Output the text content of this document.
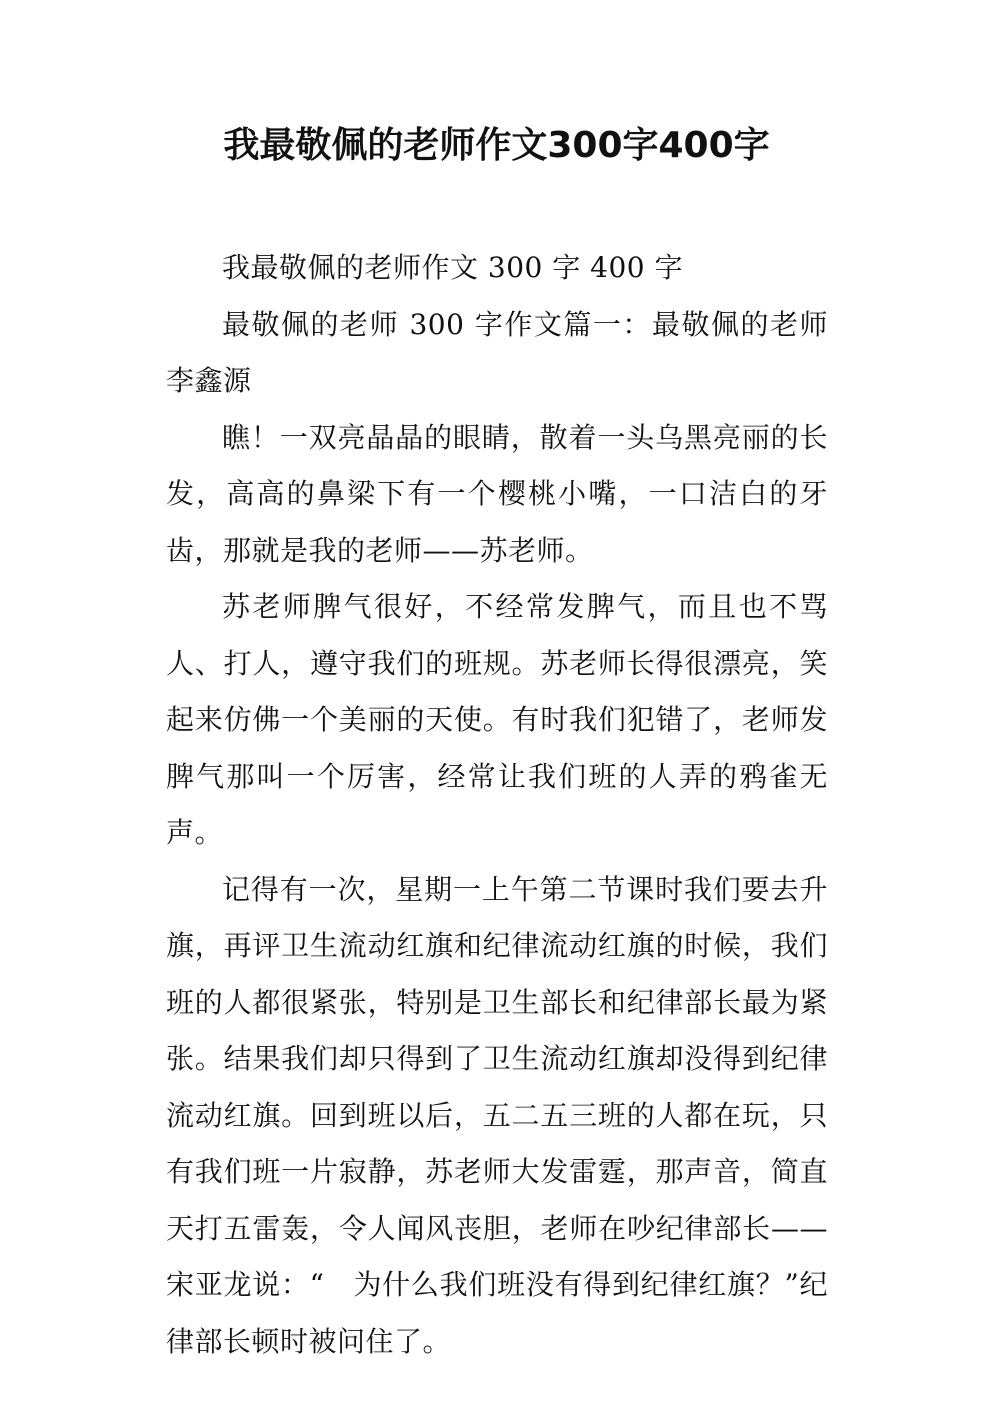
我最敬佩的老师作文300字400字

我最敬佩的老师作文 300 字 400 字

最敬佩的老师 300 字作文篇一：最敬佩的老师李鑫源

瞧！一双亮晶晶的眼睛，散着一头乌黑亮丽的长发，高高的鼻梁下有一个樱桃小嘴，一口洁白的牙齿，那就是我的老师——苏老师。

苏老师脾气很好，不经常发脾气，而且也不骂人、打人，遵守我们的班规。苏老师长得很漂亮，笑起来仿佛一个美丽的天使。有时我们犯错了，老师发脾气那叫一个厉害，经常让我们班的人弄的鸦雀无声。

记得有一次，星期一上午第二节课时我们要去升旗，再评卫生流动红旗和纪律流动红旗的时候，我们班的人都很紧张，特别是卫生部长和纪律部长最为紧张。结果我们却只得到了卫生流动红旗却没得到纪律流动红旗。回到班以后，五二五三班的人都在玩，只有我们班一片寂静，苏老师大发雷霆，那声音，简直天打五雷轰，令人闻风丧胆，老师在吵纪律部长——宋亚龙说：“　为什么我们班没有得到纪律红旗？”纪律部长顿时被问住了。
